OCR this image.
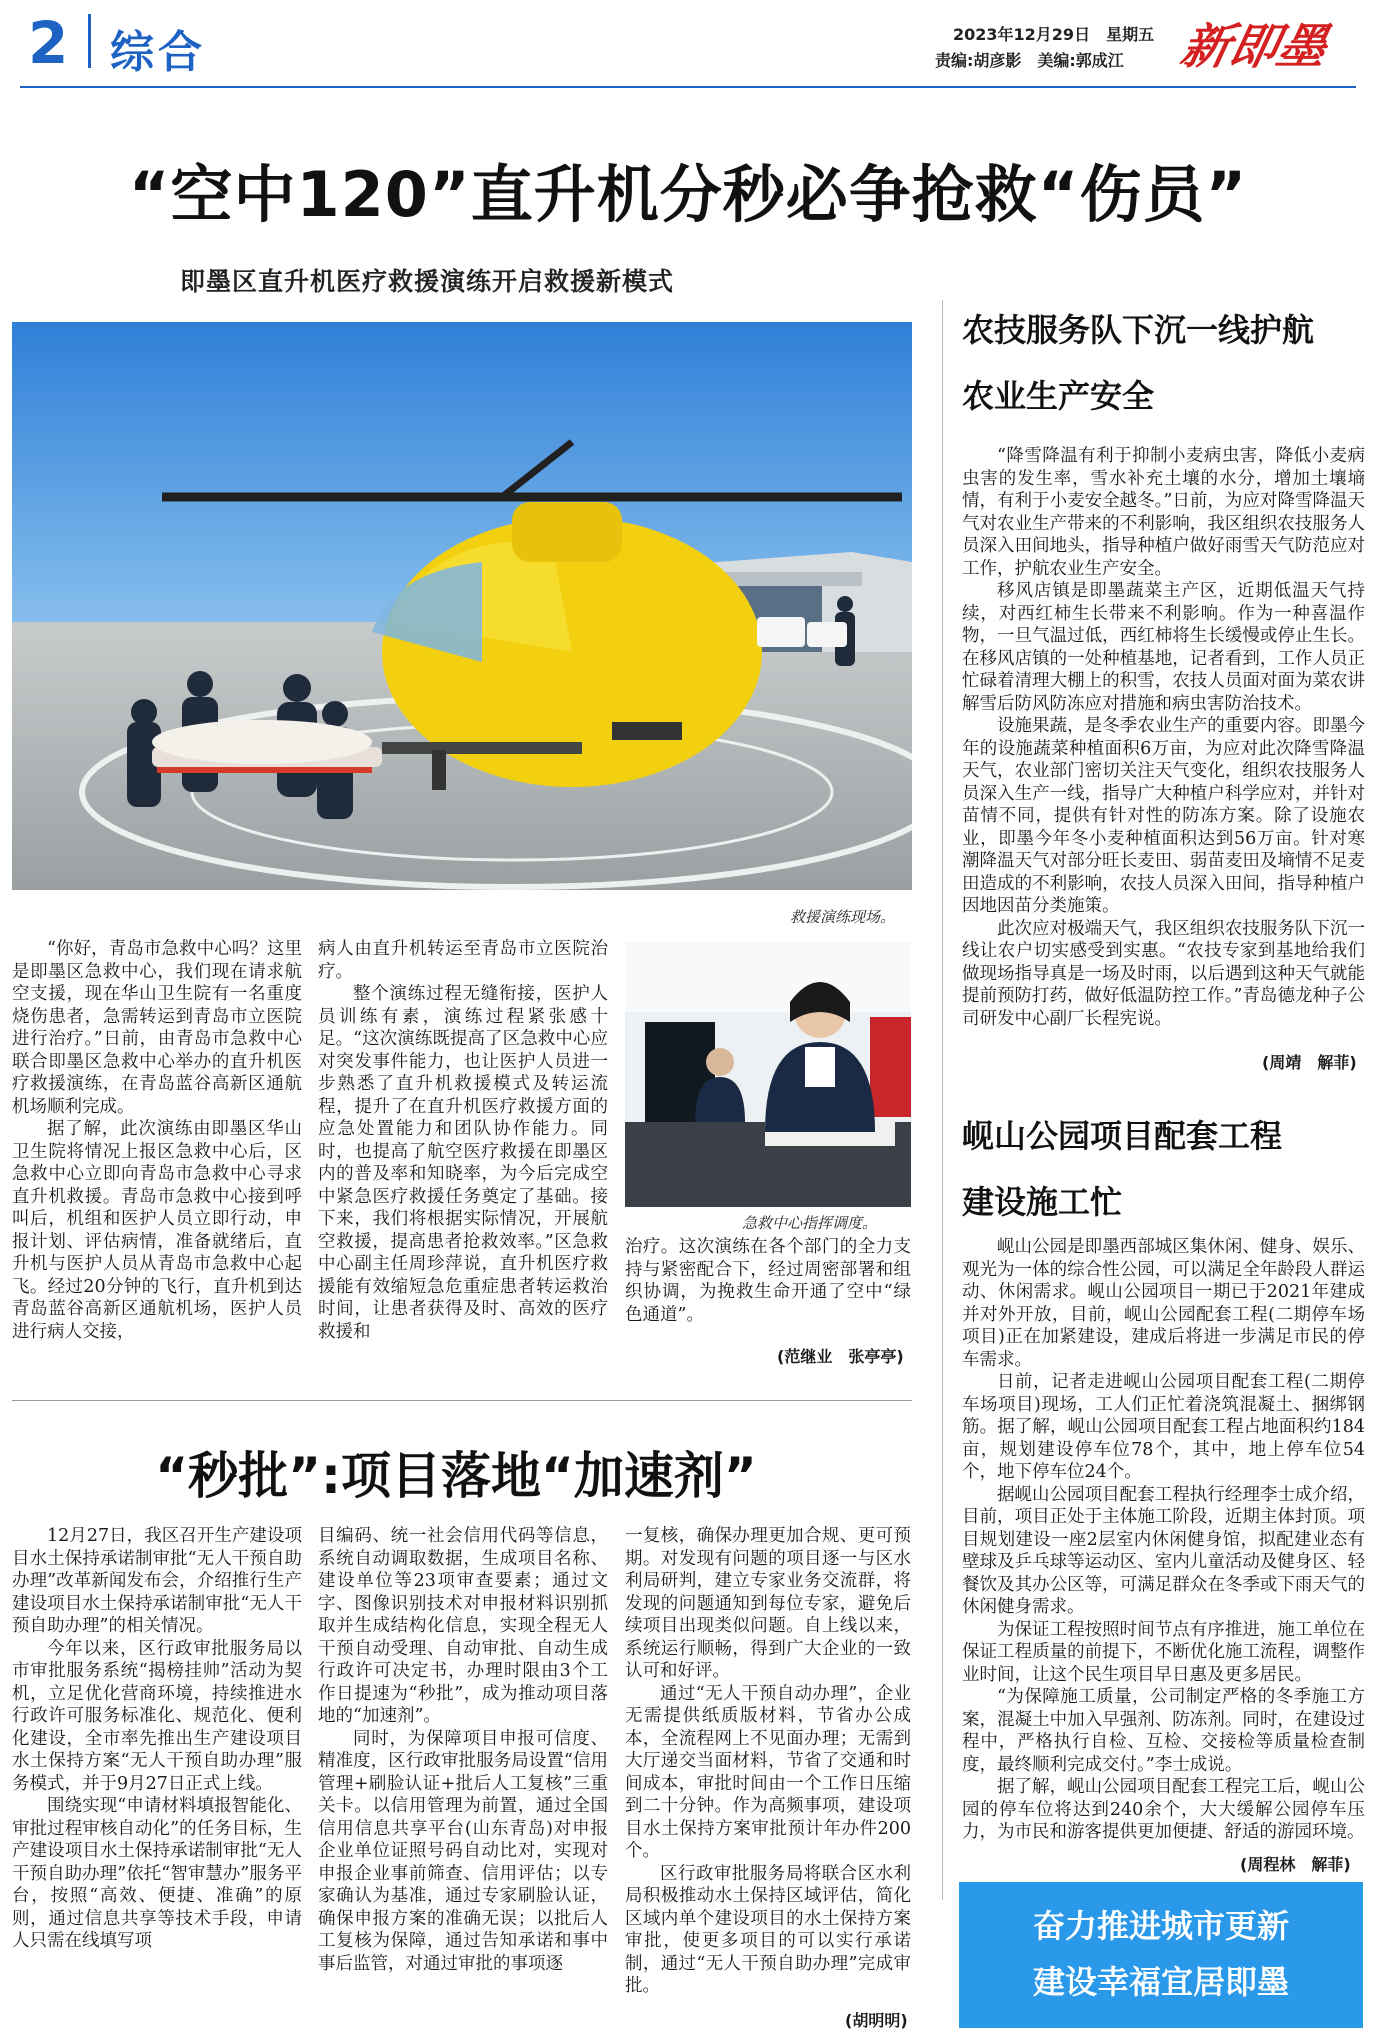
2 综合	2023年12月29日　星期五
责编:胡彦影　美编:郭成江 新即墨
“空中120”直升机分秒必争抢救“伤员”
即墨区直升机医疗救援演练开启救援新模式
救援演练现场。

“你好，青岛市急救中心吗？这里是即墨区急救中心，我们现在请求航空支援，现在华山卫生院有一名重度烧伤患者，急需转运到青岛市立医院进行治疗。”日前，由青岛市急救中心联合即墨区急救中心举办的直升机医疗救援演练，在青岛蓝谷高新区通航机场顺利完成。

据了解，此次演练由即墨区华山卫生院将情况上报区急救中心后，区急救中心立即向青岛市急救中心寻求直升机救援。青岛市急救中心接到呼叫后，机组和医护人员立即行动，申报计划、评估病情，准备就绪后，直升机与医护人员从青岛市急救中心起飞。经过20分钟的飞行，直升机到达青岛蓝谷高新区通航机场，医护人员进行病人交接，

病人由直升机转运至青岛市立医院治疗。

整个演练过程无缝衔接，医护人员训练有素，演练过程紧张感十足。“这次演练既提高了区急救中心应对突发事件能力，也让医护人员进一步熟悉了直升机救援模式及转运流程，提升了在直升机医疗救援方面的应急处置能力和团队协作能力。同时，也提高了航空医疗救援在即墨区内的普及率和知晓率，为今后完成空中紧急医疗救援任务奠定了基础。接下来，我们将根据实际情况，开展航空救援，提高患者抢救效率。”区急救中心副主任周珍萍说，直升机医疗救援能有效缩短急危重症患者转运救治时间，让患者获得及时、高效的医疗救援和

急救中心指挥调度。

治疗。这次演练在各个部门的全力支持与紧密配合下，经过周密部署和组织协调，为挽救生命开通了空中“绿色通道”。

(范继业　张亭亭)
“秒批”:项目落地“加速剂”

12月27日，我区召开生产建设项目水土保持承诺制审批“无人干预自助办理”改革新闻发布会，介绍推行生产建设项目水土保持承诺制审批“无人干预自助办理”的相关情况。

今年以来，区行政审批服务局以市审批服务系统“揭榜挂帅”活动为契机，立足优化营商环境，持续推进水行政许可服务标准化、规范化、便利化建设，全市率先推出生产建设项目水土保持方案“无人干预自助办理”服务模式，并于9月27日正式上线。

围绕实现“申请材料填报智能化、审批过程审核自动化”的任务目标，生产建设项目水土保持承诺制审批“无人干预自助办理”依托“智审慧办”服务平台，按照“高效、便捷、准确”的原则，通过信息共享等技术手段，申请人只需在线填写项

目编码、统一社会信用代码等信息，系统自动调取数据，生成项目名称、建设单位等23项审查要素；通过文字、图像识别技术对申报材料识别抓取并生成结构化信息，实现全程无人干预自动受理、自动审批、自动生成行政许可决定书，办理时限由3个工作日提速为“秒批”，成为推动项目落地的“加速剂”。

同时，为保障项目申报可信度、精准度，区行政审批服务局设置“信用管理+刷脸认证+批后人工复核”三重关卡。以信用管理为前置，通过全国信用信息共享平台(山东青岛)对申报企业单位证照号码自动比对，实现对申报企业事前筛查、信用评估；以专家确认为基准，通过专家刷脸认证，确保申报方案的准确无误；以批后人工复核为保障，通过告知承诺和事中事后监管，对通过审批的事项逐

一复核，确保办理更加合规、更可预期。对发现有问题的项目逐一与区水利局研判，建立专家业务交流群，将发现的问题通知到每位专家，避免后续项目出现类似问题。自上线以来，系统运行顺畅，得到广大企业的一致认可和好评。

通过“无人干预自动办理”，企业无需提供纸质版材料，节省办公成本，全流程网上不见面办理；无需到大厅递交当面材料，节省了交通和时间成本，审批时间由一个工作日压缩到二十分钟。作为高频事项，建设项目水土保持方案审批预计年办件200个。

区行政审批服务局将联合区水利局积极推动水土保持区域评估，简化区域内单个建设项目的水土保持方案审批，使更多项目的可以实行承诺制，通过“无人干预自助办理”完成审批。

(胡明明)
农技服务队下沉一线护航
农业生产安全

“降雪降温有利于抑制小麦病虫害，降低小麦病虫害的发生率，雪水补充土壤的水分，增加土壤墒情，有利于小麦安全越冬。”日前，为应对降雪降温天气对农业生产带来的不利影响，我区组织农技服务人员深入田间地头，指导种植户做好雨雪天气防范应对工作，护航农业生产安全。

移风店镇是即墨蔬菜主产区，近期低温天气持续，对西红柿生长带来不利影响。作为一种喜温作物，一旦气温过低，西红柿将生长缓慢或停止生长。在移风店镇的一处种植基地，记者看到，工作人员正忙碌着清理大棚上的积雪，农技人员面对面为菜农讲解雪后防风防冻应对措施和病虫害防治技术。

设施果蔬，是冬季农业生产的重要内容。即墨今年的设施蔬菜种植面积6万亩，为应对此次降雪降温天气，农业部门密切关注天气变化，组织农技服务人员深入生产一线，指导广大种植户科学应对，并针对苗情不同，提供有针对性的防冻方案。除了设施农业，即墨今年冬小麦种植面积达到56万亩。针对寒潮降温天气对部分旺长麦田、弱苗麦田及墒情不足麦田造成的不利影响，农技人员深入田间，指导种植户因地因苗分类施策。

此次应对极端天气，我区组织农技服务队下沉一线让农户切实感受到实惠。“农技专家到基地给我们做现场指导真是一场及时雨，以后遇到这种天气就能提前预防打药，做好低温防控工作。”青岛德龙种子公司研发中心副厂长程宪说。

(周靖　解菲)
岘山公园项目配套工程
建设施工忙

岘山公园是即墨西部城区集休闲、健身、娱乐、观光为一体的综合性公园，可以满足全年龄段人群运动、休闲需求。岘山公园项目一期已于2021年建成并对外开放，目前，岘山公园配套工程(二期停车场项目)正在加紧建设，建成后将进一步满足市民的停车需求。

日前，记者走进岘山公园项目配套工程(二期停车场项目)现场，工人们正忙着浇筑混凝土、捆绑钢筋。据了解，岘山公园项目配套工程占地面积约184亩，规划建设停车位78个，其中，地上停车位54个，地下停车位24个。

据岘山公园项目配套工程执行经理李士成介绍，目前，项目正处于主体施工阶段，近期主体封顶。项目规划建设一座2层室内休闲健身馆，拟配建业态有壁球及乒乓球等运动区、室内儿童活动及健身区、轻餐饮及其办公区等，可满足群众在冬季或下雨天气的休闲健身需求。

为保证工程按照时间节点有序推进，施工单位在保证工程质量的前提下，不断优化施工流程，调整作业时间，让这个民生项目早日惠及更多居民。

“为保障施工质量，公司制定严格的冬季施工方案，混凝土中加入早强剂、防冻剂。同时，在建设过程中，严格执行自检、互检、交接检等质量检查制度，最终顺利完成交付。”李士成说。

据了解，岘山公园项目配套工程完工后，岘山公园的停车位将达到240余个，大大缓解公园停车压力，为市民和游客提供更加便捷、舒适的游园环境。

(周程林　解菲)
奋力推进城市更新
建设幸福宜居即墨
